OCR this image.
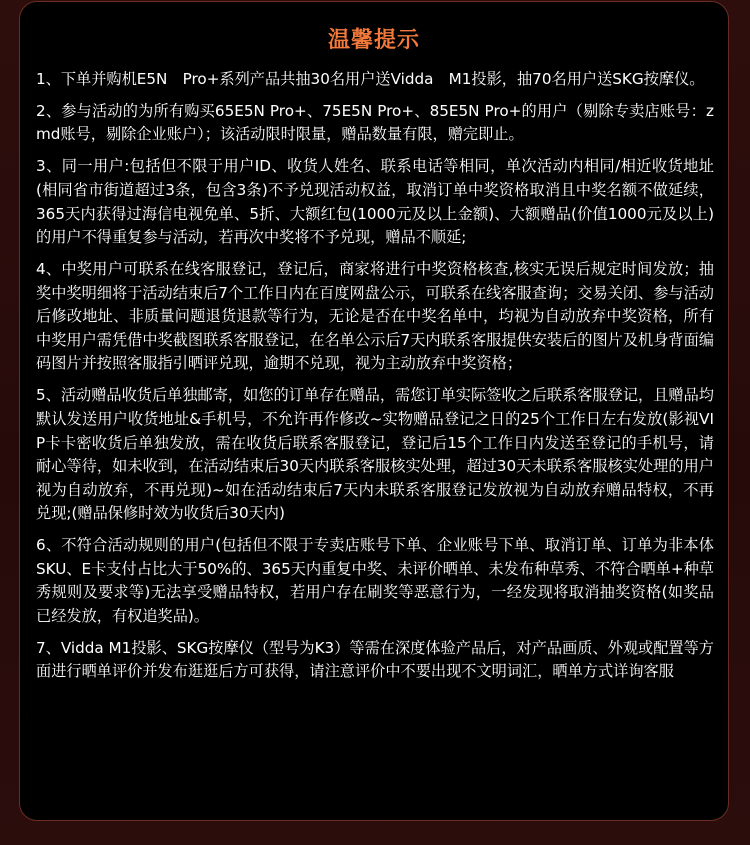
温馨提示
1、下单并购机E5N　Pro+系列产品共抽30名用户送Vidda　M1投影，抽70名用户送SKG按摩仪。
2、参与活动的为所有购买65E5N Pro+、75E5N Pro+、85E5N Pro+的用户（剔除专卖店账号：zmd账号，剔除企业账户）；该活动限时限量，赠品数量有限，赠完即止。
3、同一用户:包括但不限于用户ID、收货人姓名、联系电话等相同，单次活动内相同/相近收货地址(相同省市街道超过3条，包含3条)不予兑现活动权益，取消订单中奖资格取消且中奖名额不做延续，365天内获得过海信电视免单、5折、大额红包(1000元及以上金额)、大额赠品(价值1000元及以上)的用户不得重复参与活动，若再次中奖将不予兑现，赠品不顺延;
4、中奖用户可联系在线客服登记，登记后，商家将进行中奖资格核查,核实无误后规定时间发放；抽奖中奖明细将于活动结束后7个工作日内在百度网盘公示，可联系在线客服查询；交易关闭、参与活动后修改地址、非质量问题退货退款等行为，无论是否在中奖名单中，均视为自动放弃中奖资格，所有中奖用户需凭借中奖截图联系客服登记，在名单公示后7天内联系客服提供安装后的图片及机身背面编码图片并按照客服指引晒评兑现，逾期不兑现，视为主动放弃中奖资格；
5、活动赠品收货后单独邮寄，如您的订单存在赠品，需您订单实际签收之后联系客服登记，且赠品均默认发送用户收货地址&手机号，不允许再作修改~实物赠品登记之日的25个工作日左右发放(影视VIP卡卡密收货后单独发放，需在收货后联系客服登记，登记后15个工作日内发送至登记的手机号，请耐心等待，如未收到，在活动结束后30天内联系客服核实处理，超过30天未联系客服核实处理的用户视为自动放弃，不再兑现)~如在活动结束后7天内未联系客服登记发放视为自动放弃赠品特权，不再兑现;(赠品保修时效为收货后30天内)
6、不符合活动规则的用户(包括但不限于专卖店账号下单、企业账号下单、取消订单、订单为非本体SKU、E卡支付占比大于50%的、365天内重复中奖、未评价晒单、未发布种草秀、不符合晒单+种草秀规则及要求等)无法享受赠品特权，若用户存在刷奖等恶意行为，一经发现将取消抽奖资格(如奖品已经发放，有权追奖品)。
7、Vidda M1投影、SKG按摩仪（型号为K3）等需在深度体验产品后，对产品画质、外观或配置等方面进行晒单评价并发布逛逛后方可获得，请注意评价中不要出现不文明词汇，晒单方式详询客服
